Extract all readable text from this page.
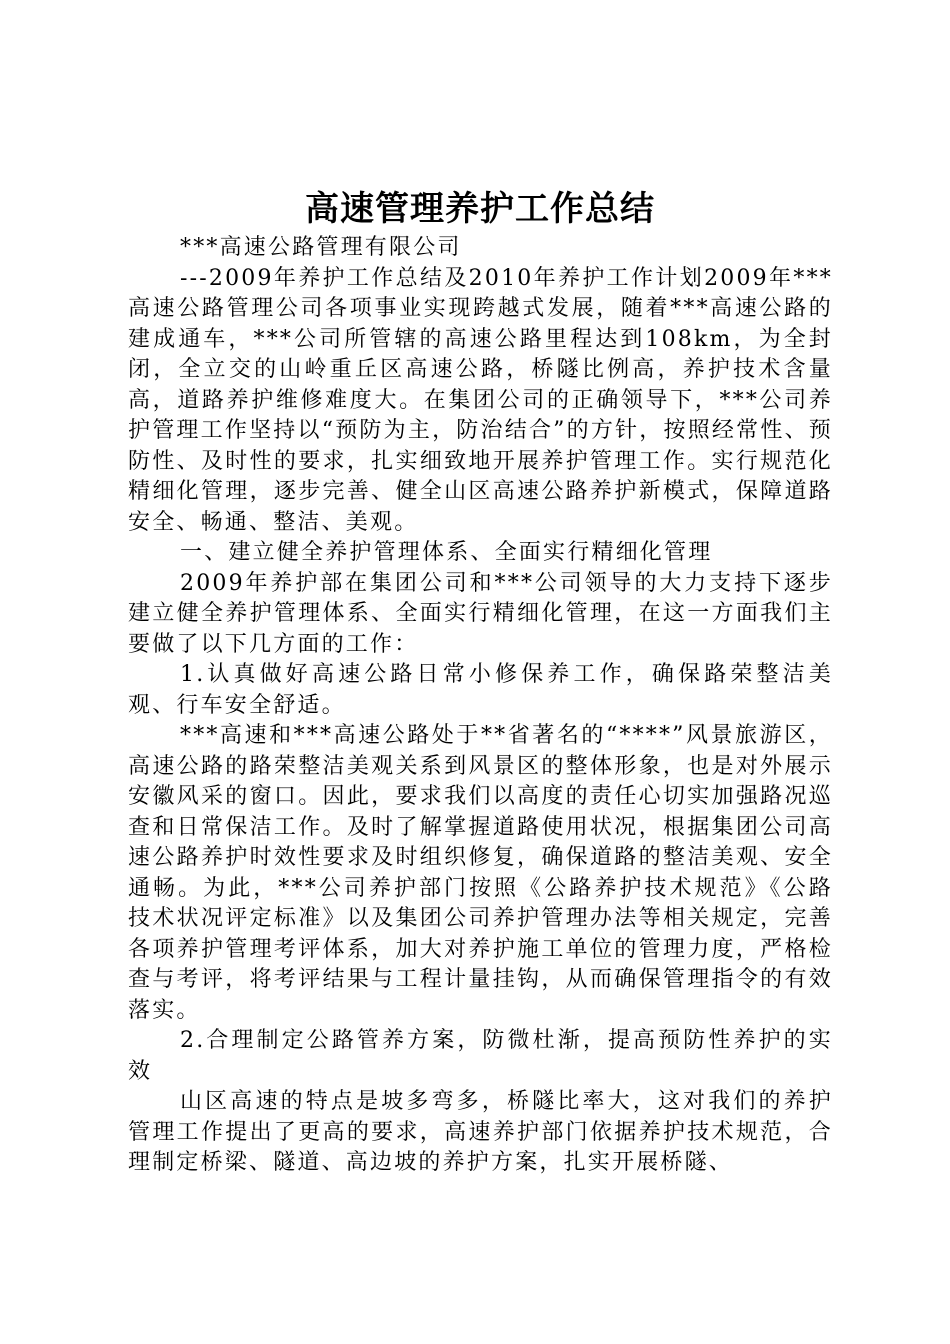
高速管理养护工作总结

***高速公路管理有限公司

---2009年养护工作总结及2010年养护工作计划2009年***高速公路管理公司各项事业实现跨越式发展，随着***高速公路的建成通车，***公司所管辖的高速公路里程达到108km，为全封闭，全立交的山岭重丘区高速公路，桥隧比例高，养护技术含量高，道路养护维修难度大。在集团公司的正确领导下，***公司养护管理工作坚持以“预防为主，防治结合”的方针，按照经常性、预防性、及时性的要求，扎实细致地开展养护管理工作。实行规范化精细化管理，逐步完善、健全山区高速公路养护新模式，保障道路安全、畅通、整洁、美观。

一、建立健全养护管理体系、全面实行精细化管理

2009年养护部在集团公司和***公司领导的大力支持下逐步建立健全养护管理体系、全面实行精细化管理，在这一方面我们主要做了以下几方面的工作：

1.认真做好高速公路日常小修保养工作，确保路荣整洁美观、行车安全舒适。

***高速和***高速公路处于**省著名的“****”风景旅游区，高速公路的路荣整洁美观关系到风景区的整体形象，也是对外展示安徽风采的窗口。因此，要求我们以高度的责任心切实加强路况巡查和日常保洁工作。及时了解掌握道路使用状况，根据集团公司高速公路养护时效性要求及时组织修复，确保道路的整洁美观、安全通畅。为此，***公司养护部门按照《公路养护技术规范》《公路技术状况评定标准》以及集团公司养护管理办法等相关规定，完善各项养护管理考评体系，加大对养护施工单位的管理力度，严格检查与考评，将考评结果与工程计量挂钩，从而确保管理指令的有效落实。

2.合理制定公路管养方案，防微杜渐，提高预防性养护的实效

山区高速的特点是坡多弯多，桥隧比率大，这对我们的养护管理工作提出了更高的要求，高速养护部门依据养护技术规范，合理制定桥梁、隧道、高边坡的养护方案，扎实开展桥隧、
